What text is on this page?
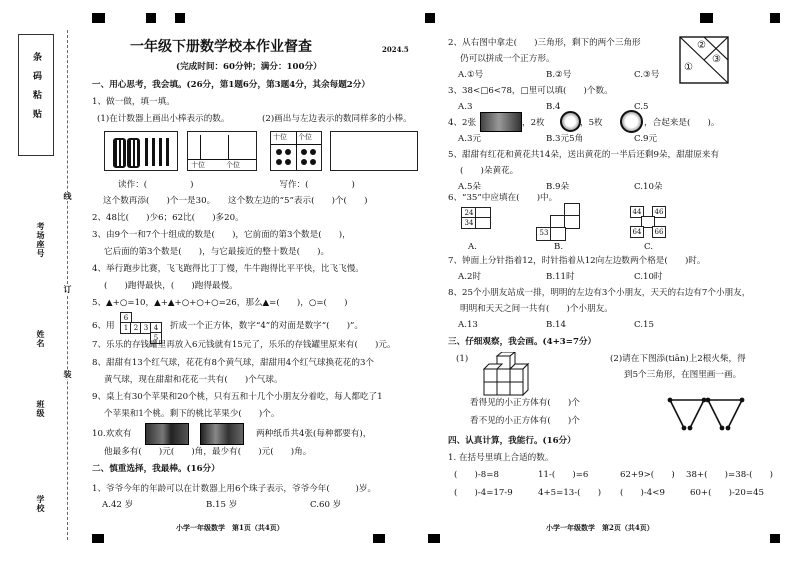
条码粘贴
学校
班级
姓名
考场座号
线
订
装
一年级下册数学校本作业督查	2024.5
(完成时间：60分钟；满分：100分）
一、用心思考，我会填。(26分，第1题6分，第3题4分，其余每题2分）
1、做一做，填一填。
(1)在计数器上画出小棒表示的数。	(2)画出与左边表示的数同样多的小棒。
十位	个位
十位 个位
读作：(　　　　　)　　　　　　　　　　写作：(　　　　　)
这个数再添(　　)个一是30。　　这个数左边的“5”表示(　　)个(　　)
2、48比(　　)少6；62比(　　)多20。
3、由9个一和7个十组成的数是(　　)，它前面的第3个数是(　　)，
它后面的第3个数是(　　)，与它最接近的整十数是(　　)。
4、举行跑步比赛，飞飞跑得比丁丁慢，牛牛跑得比平平快，比飞飞慢。
(　　)跑得最快，(　　)跑得最慢。
5、▲+○=10，▲+▲+○+○+○=26，那么▲=(　　)，○=(　　)
6、用
6
1 2 3 4
5
折成一个正方体，数字“4”的对面是数字“(　　)”。
7、乐乐的存钱罐里再放入6元钱就有15元了，乐乐的存钱罐里原来有(　　)元。
8、甜甜有13个红气球，花花有8个黄气球，甜甜用4个红气球换花花的3个
黄气球，现在甜甜和花花一共有(　　)个气球。
9、桌上有30个苹果和20个桃，只有五和十几个小朋友分着吃，每人都吃了1
个苹果和1个桃。剩下的桃比苹果少(　　)个。
10.欢欢有	两种纸币共4张(每种都要有)，
他最多有(　　)元(　　)角，最少有(　　)元(　　)角。
二、慎重选择，我最棒。(16分）
1、爷爷今年的年龄可以在计数器上用6个珠子表示，爷爷今年(　　　)岁。
A.42 岁	B.15 岁	C.60 岁
小学一年级数学　第1页（共4页）
2、从右图中拿走(　　)三角形，剩下的两个三角形
仍可以拼成一个正方形。
①
②
③
A.①号	B.②号	C.③号
3、38<□6<78，□里可以填(　　)个数。
A.3	B.4	C.5
4、2张	，2枚	，5枚	，合起来是(　　)。
A.3元	B.3元5角	C.9元
5、甜甜有红花和黄花共14朵，送出黄花的一半后还剩9朵，甜甜原来有
(　　)朵黄花。
A.5朵	B.9朵	C.10朵
6、“35”中应填在(　　)中。
24
34
53
44	46
64	66
A.	B.	C.
7、钟面上分针指着12，时针指着从12向左边数两个格是(　　)时。
A.2时	B.11时	C.10时
8、25个小朋友站成一排，明明的左边有3个小朋友，天天的右边有7个小朋友，
明明和天天之间一共有(　　)个小朋友。
A.13	B.14	C.15
三、仔细观察，我会画。(4+3=7分）
(1)	(2)请在下图添(tiān)上2根火柴，得
到5个三角形，在图里画一画。
看得见的小正方体有(　　)个
看不见的小正方体有(　　)个
四、认真计算，我能行。(16分）
1. 在括号里填上合适的数。
(　　)-8=8	11-(　　)=6	62+9>(　　) 38+(　　)=38-(　　)
(　　)-4=17-9	4+5=13-(　　) (　　)-4<9	60+(　　)-20=45
小学一年级数学　第2页（共4页）
